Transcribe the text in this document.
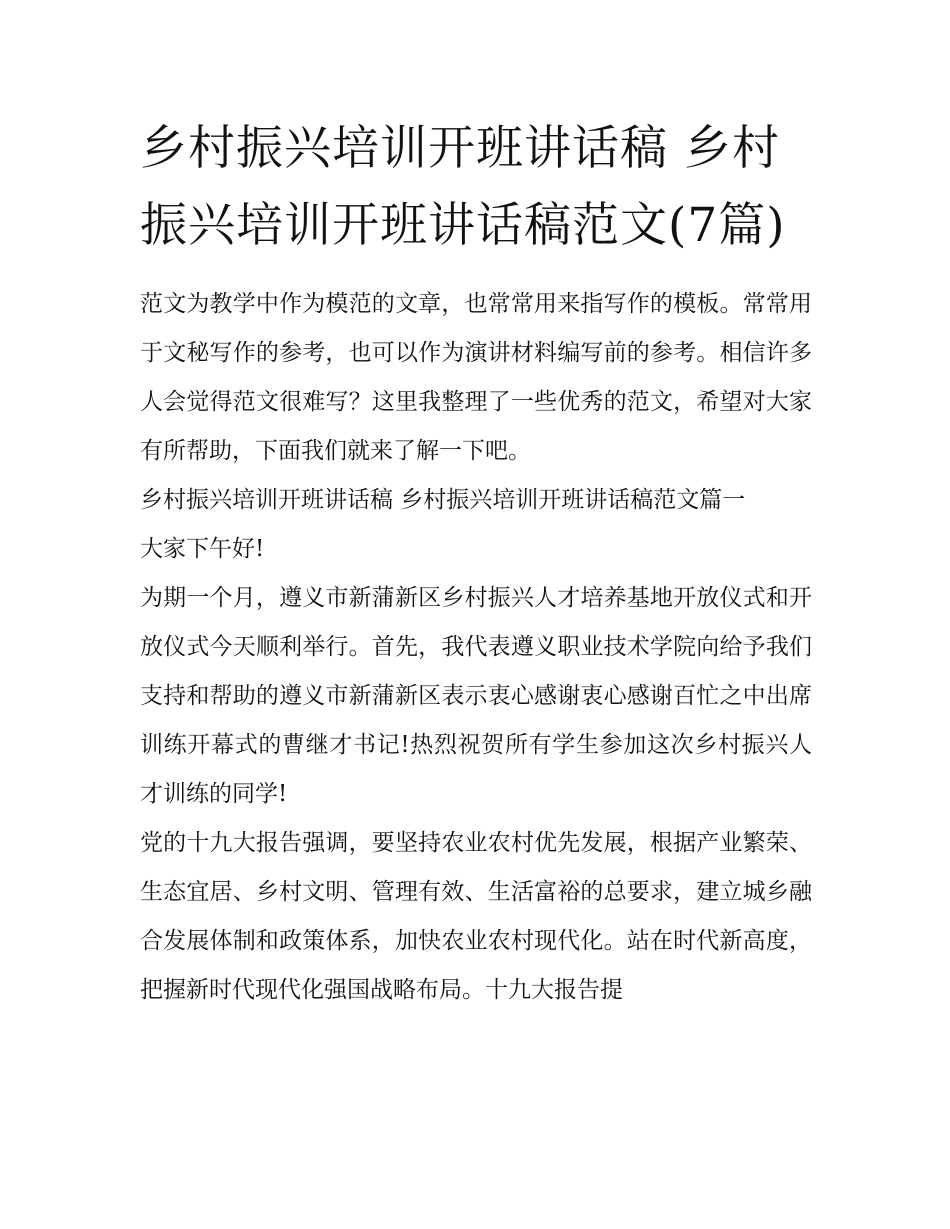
乡村振兴培训开班讲话稿 乡村振兴培训开班讲话稿范文(7篇)

范文为教学中作为模范的文章，也常常用来指写作的模板。常常用于文秘写作的参考，也可以作为演讲材料编写前的参考。相信许多人会觉得范文很难写？这里我整理了一些优秀的范文，希望对大家有所帮助，下面我们就来了解一下吧。

乡村振兴培训开班讲话稿 乡村振兴培训开班讲话稿范文篇一

大家下午好!

为期一个月，遵义市新蒲新区乡村振兴人才培养基地开放仪式和开放仪式今天顺利举行。首先，我代表遵义职业技术学院向给予我们支持和帮助的遵义市新蒲新区表示衷心感谢衷心感谢百忙之中出席训练开幕式的曹继才书记!热烈祝贺所有学生参加这次乡村振兴人才训练的同学!

党的十九大报告强调，要坚持农业农村优先发展，根据产业繁荣、生态宜居、乡村文明、管理有效、生活富裕的总要求，建立城乡融合发展体制和政策体系，加快农业农村现代化。站在时代新高度，把握新时代现代化强国战略布局。十九大报告提
